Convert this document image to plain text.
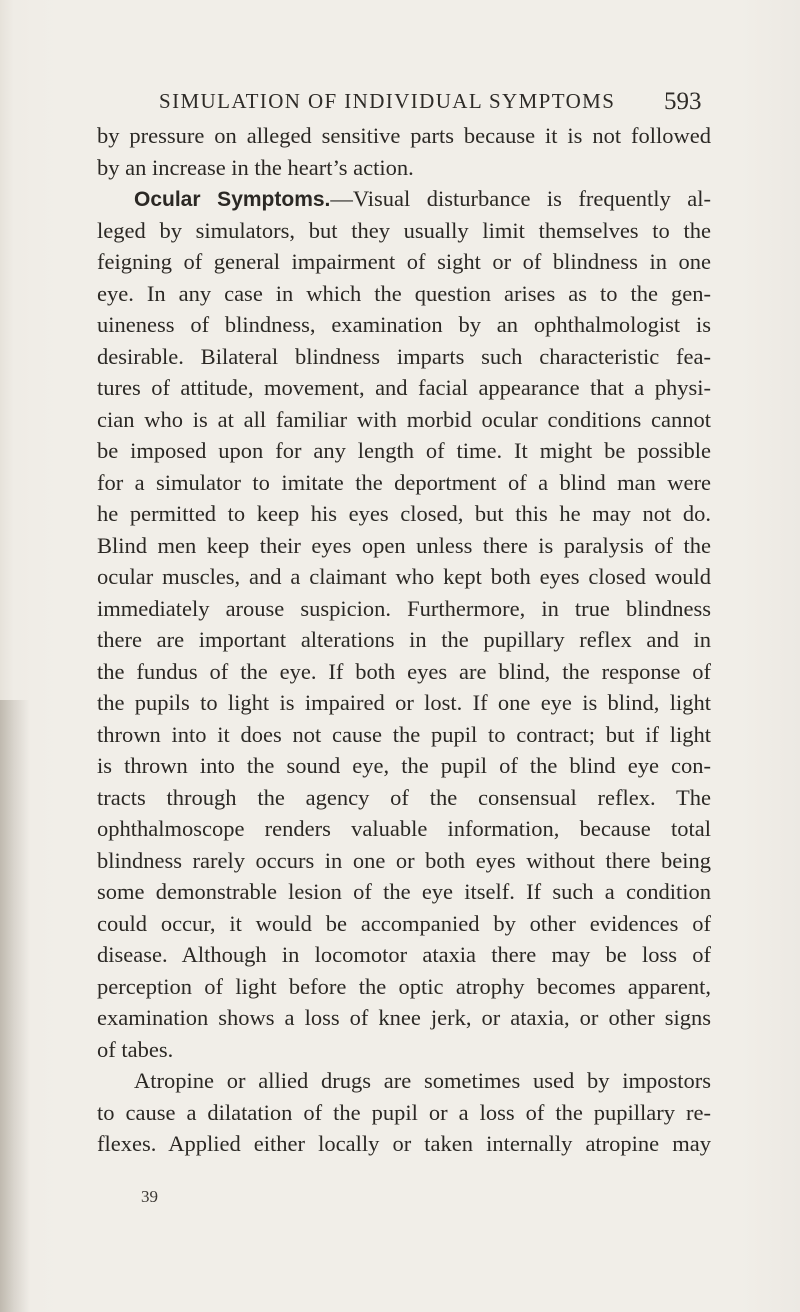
SIMULATION OF INDIVIDUAL SYMPTOMS 593
by pressure on alleged sensitive parts because it is not followed
by an increase in the heart’s action.
Ocular Symptoms.—Visual disturbance is frequently al-
leged by simulators, but they usually limit themselves to the
feigning of general impairment of sight or of blindness in one
eye. In any case in which the question arises as to the gen-
uineness of blindness, examination by an ophthalmologist is
desirable. Bilateral blindness imparts such characteristic fea-
tures of attitude, movement, and facial appearance that a physi-
cian who is at all familiar with morbid ocular conditions cannot
be imposed upon for any length of time. It might be possible
for a simulator to imitate the deportment of a blind man were
he permitted to keep his eyes closed, but this he may not do.
Blind men keep their eyes open unless there is paralysis of the
ocular muscles, and a claimant who kept both eyes closed would
immediately arouse suspicion. Furthermore, in true blindness
there are important alterations in the pupillary reflex and in
the fundus of the eye. If both eyes are blind, the response of
the pupils to light is impaired or lost. If one eye is blind, light
thrown into it does not cause the pupil to contract; but if light
is thrown into the sound eye, the pupil of the blind eye con-
tracts through the agency of the consensual reflex. The
ophthalmoscope renders valuable information, because total
blindness rarely occurs in one or both eyes without there being
some demonstrable lesion of the eye itself. If such a condition
could occur, it would be accompanied by other evidences of
disease. Although in locomotor ataxia there may be loss of
perception of light before the optic atrophy becomes apparent,
examination shows a loss of knee jerk, or ataxia, or other signs
of tabes.
Atropine or allied drugs are sometimes used by impostors
to cause a dilatation of the pupil or a loss of the pupillary re-
flexes. Applied either locally or taken internally atropine may
39
